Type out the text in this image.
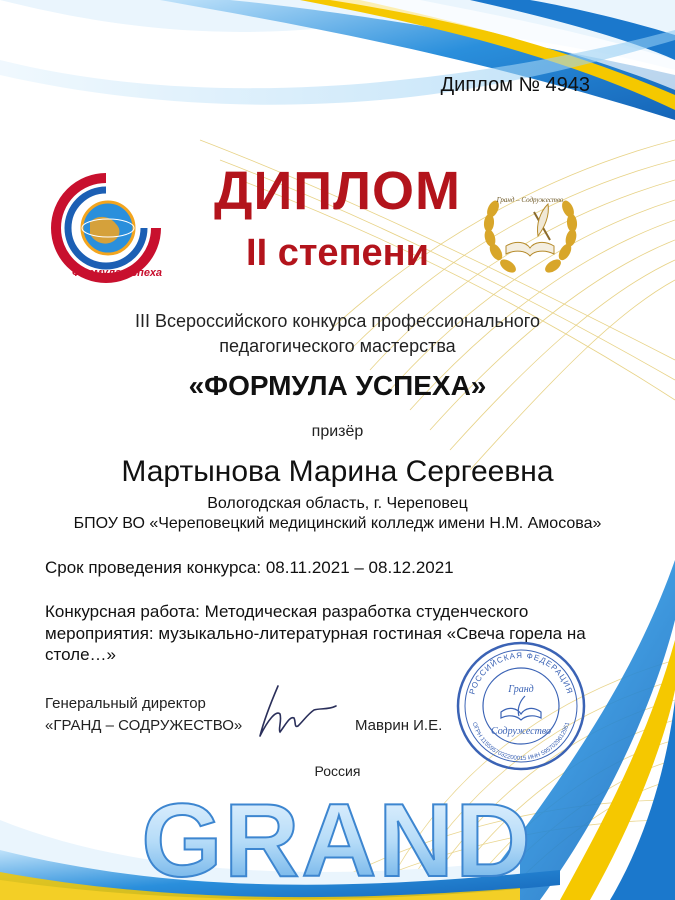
Диплом № 4943
Формула Успеха
ДИПЛОМ
II степени
Гранд – Содружество
III Всероссийского конкурса профессионального
педагогического мастерства
«ФОРМУЛА УСПЕХА»
призёр
Мартынова Марина Сергеевна
Вологодская область, г. Череповец
БПОУ ВО «Череповецкий медицинский колледж имени Н.М. Амосова»
Срок проведения конкурса: 08.11.2021 – 08.12.2021
Конкурсная работа: Методическая разработка студенческого
мероприятия: музыкально-литературная гостиная «Свеча горела на
столе…»
Генеральный директор
«ГРАНД – СОДРУЖЕСТВО»	Маврин И.Е.
РОССИЙСКАЯ ФЕДЕРАЦИЯ
ОГРН 1155957032200015 ИНН 5957029612961
Гранд
Содружество
Россия
GRAND
